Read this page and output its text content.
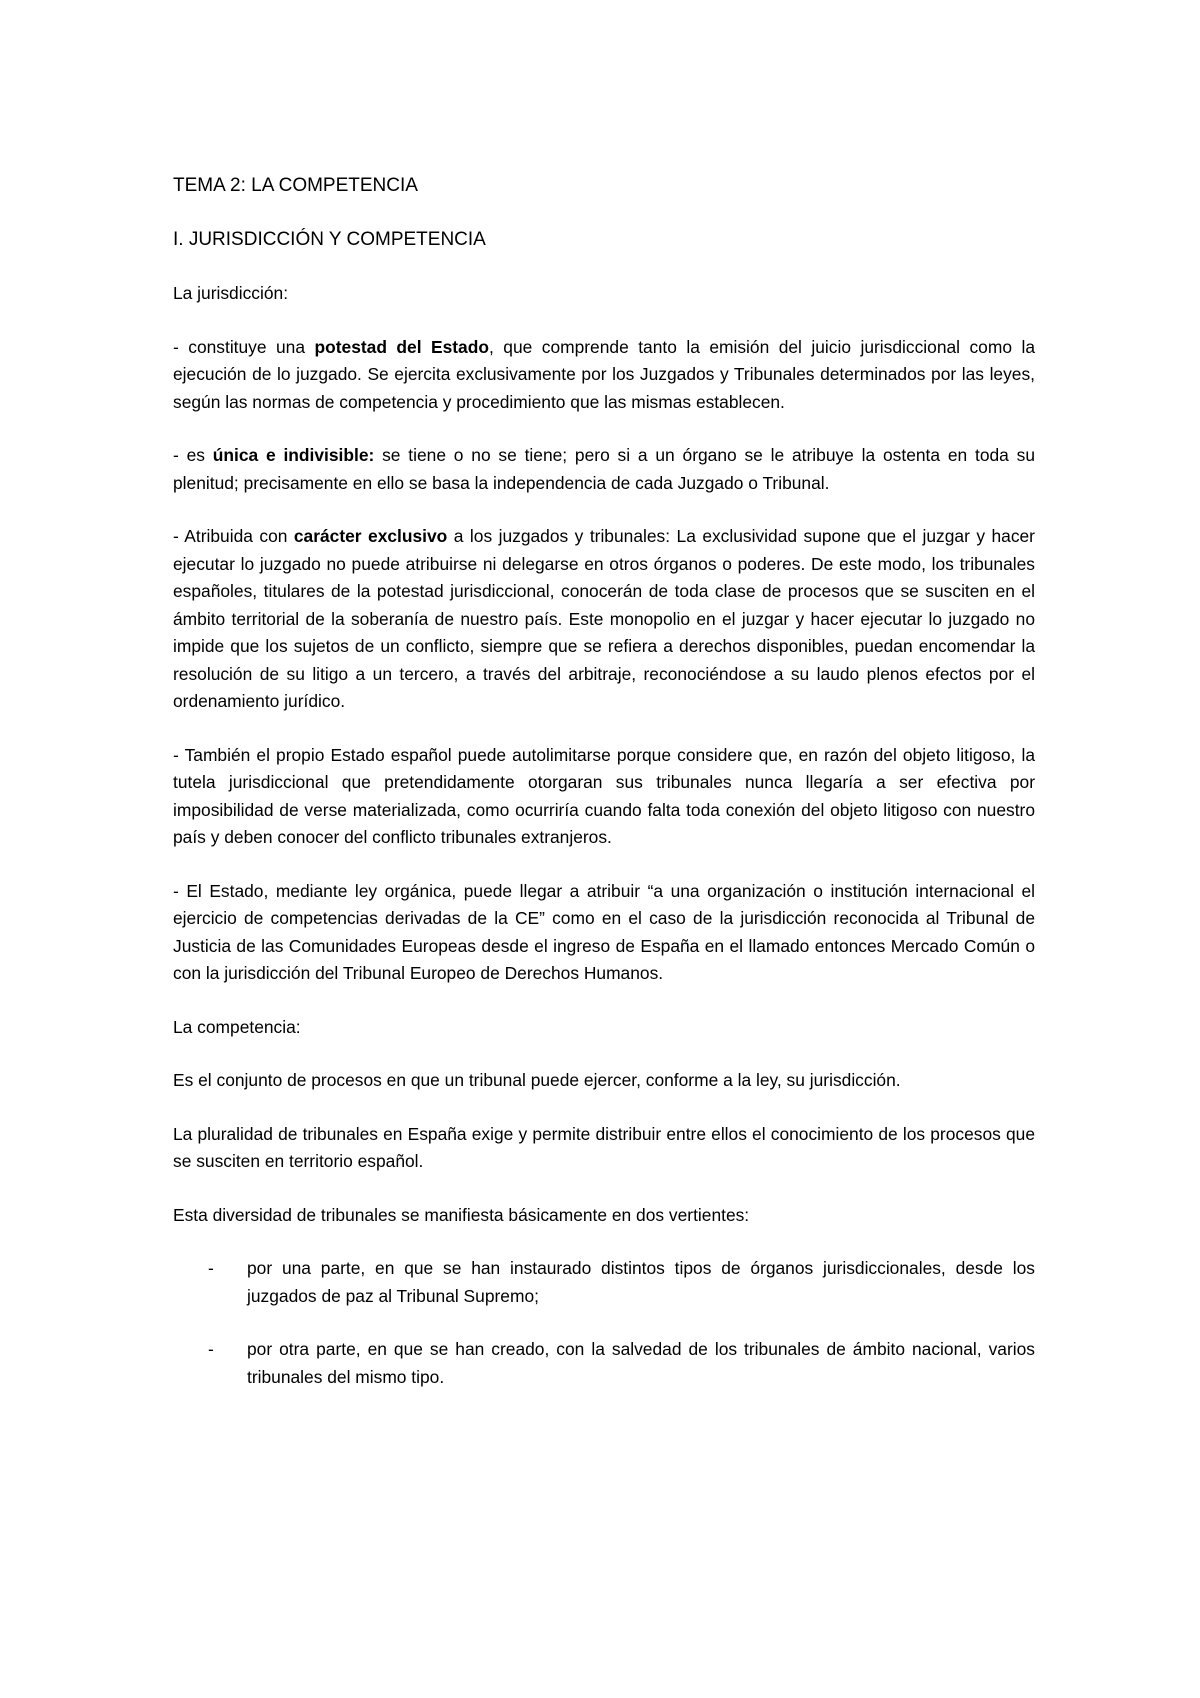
TEMA 2: LA COMPETENCIA
I. JURISDICCIÓN Y COMPETENCIA

La jurisdicción:

- constituye una potestad del Estado, que comprende tanto la emisión del juicio jurisdiccional como la ejecución de lo juzgado. Se ejercita exclusivamente por los Juzgados y Tribunales determinados por las leyes, según las normas de competencia y procedimiento que las mismas establecen.

- es única e indivisible: se tiene o no se tiene; pero si a un órgano se le atribuye la ostenta en toda su plenitud; precisamente en ello se basa la independencia de cada Juzgado o Tribunal.

- Atribuida con carácter exclusivo a los juzgados y tribunales: La exclusividad supone que el juzgar y hacer ejecutar lo juzgado no puede atribuirse ni delegarse en otros órganos o poderes. De este modo, los tribunales españoles, titulares de la potestad jurisdiccional, conocerán de toda clase de procesos que se susciten en el ámbito territorial de la soberanía de nuestro país. Este monopolio en el juzgar y hacer ejecutar lo juzgado no impide que los sujetos de un conflicto, siempre que se refiera a derechos disponibles, puedan encomendar la resolución de su litigo a un tercero, a través del arbitraje, reconociéndose a su laudo plenos efectos por el ordenamiento jurídico.

- También el propio Estado español puede autolimitarse porque considere que, en razón del objeto litigoso, la tutela jurisdiccional que pretendidamente otorgaran sus tribunales nunca llegaría a ser efectiva por imposibilidad de verse materializada, como ocurriría cuando falta toda conexión del objeto litigoso con nuestro país y deben conocer del conflicto tribunales extranjeros.

- El Estado, mediante ley orgánica, puede llegar a atribuir “a una organización o institución internacional el ejercicio de competencias derivadas de la CE” como en el caso de la jurisdicción reconocida al Tribunal de Justicia de las Comunidades Europeas desde el ingreso de España en el llamado entonces Mercado Común o con la jurisdicción del Tribunal Europeo de Derechos Humanos.

La competencia:

Es el conjunto de procesos en que un tribunal puede ejercer, conforme a la ley, su jurisdicción.

La pluralidad de tribunales en España exige y permite distribuir entre ellos el conocimiento de los procesos que se susciten en territorio español.

Esta diversidad de tribunales se manifiesta básicamente en dos vertientes:

- por una parte, en que se han instaurado distintos tipos de órganos jurisdiccionales, desde los juzgados de paz al Tribunal Supremo;
- por otra parte, en que se han creado, con la salvedad de los tribunales de ámbito nacional, varios tribunales del mismo tipo.
